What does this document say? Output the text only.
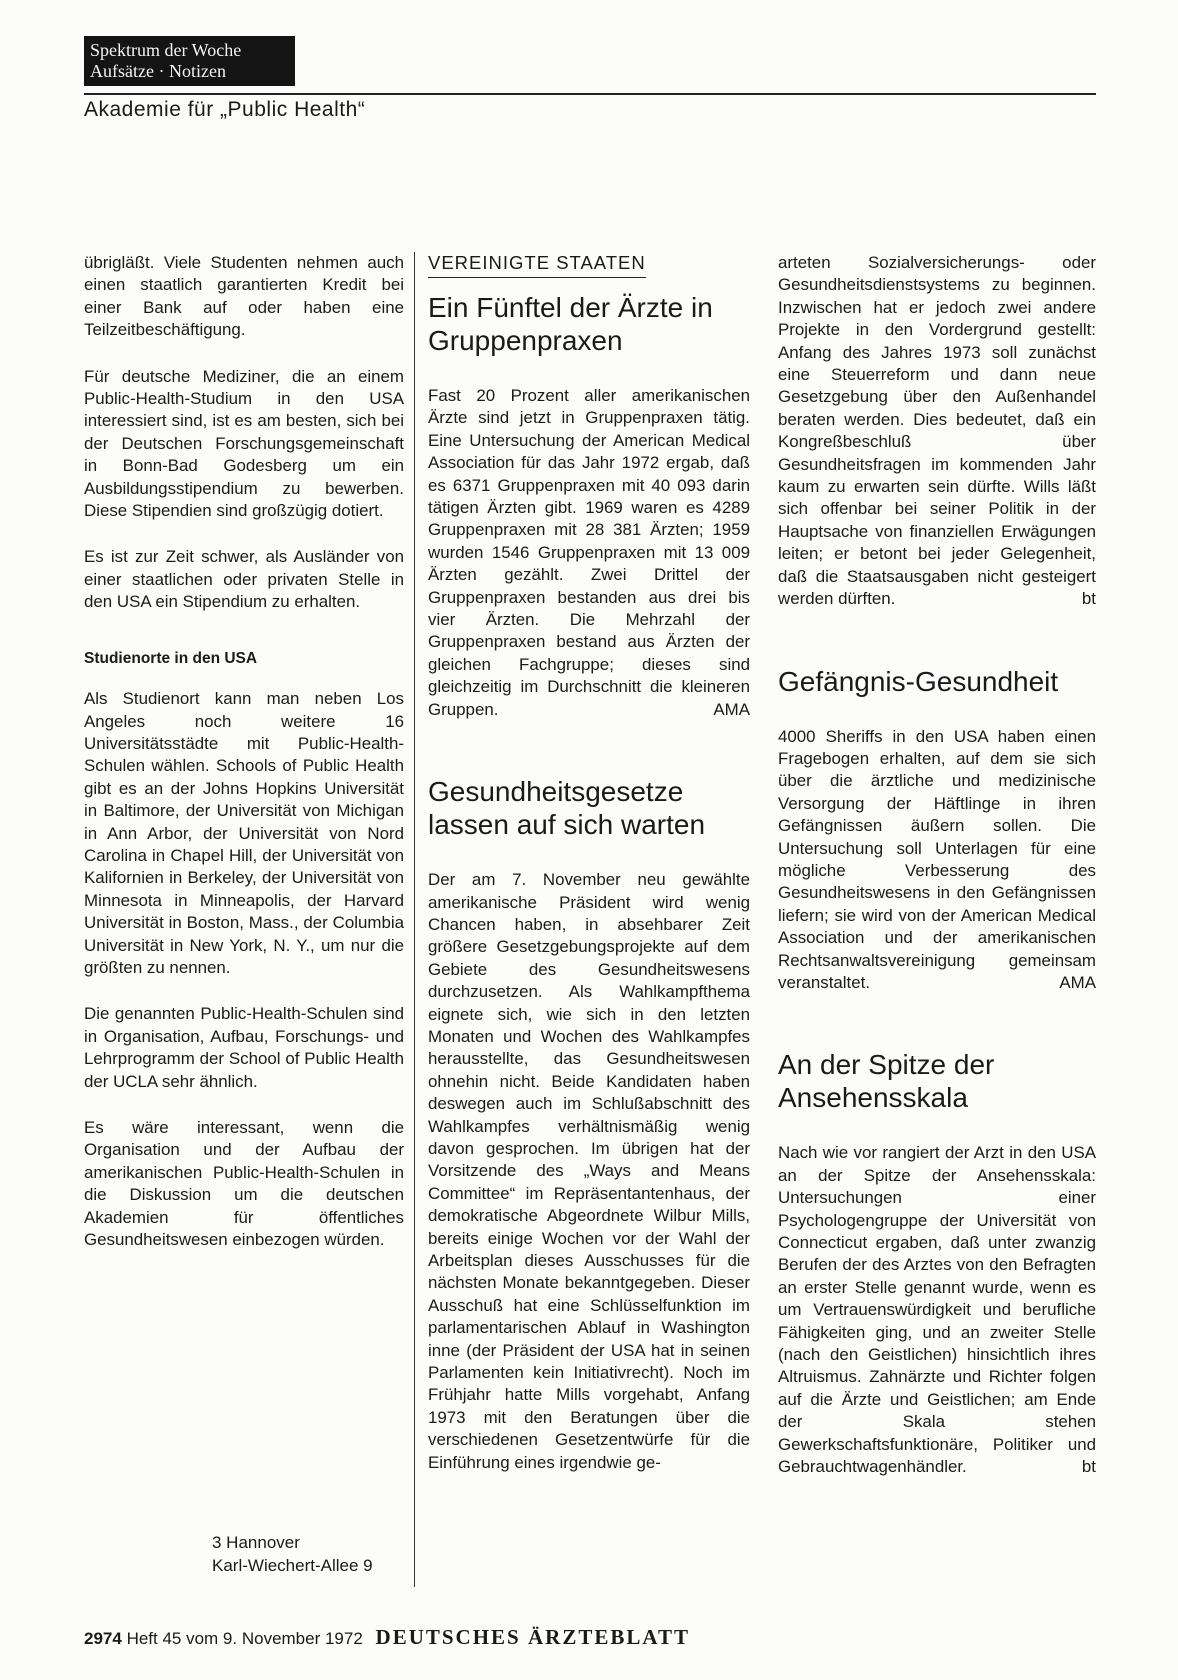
Spektrum der Woche
Aufsätze · Notizen
Akademie für „Public Health“

übrigläßt. Viele Studenten nehmen auch einen staatlich garantierten Kredit bei einer Bank auf oder haben eine Teilzeitbeschäftigung.

Für deutsche Mediziner, die an einem Public-Health-Studium in den USA interessiert sind, ist es am besten, sich bei der Deutschen Forschungsgemeinschaft in Bonn-Bad Godesberg um ein Ausbildungsstipendium zu bewerben. Diese Stipendien sind großzügig dotiert.

Es ist zur Zeit schwer, als Ausländer von einer staatlichen oder privaten Stelle in den USA ein Stipendium zu erhalten.

Studienorte in den USA

Als Studienort kann man neben Los Angeles noch weitere 16 Universitätsstädte mit Public-Health-Schulen wählen. Schools of Public Health gibt es an der Johns Hopkins Universität in Baltimore, der Universität von Michigan in Ann Arbor, der Universität von Nord Carolina in Chapel Hill, der Universität von Kalifornien in Berkeley, der Universität von Minnesota in Minneapolis, der Harvard Universität in Boston, Mass., der Columbia Universität in New York, N. Y., um nur die größten zu nennen.

Die genannten Public-Health-Schulen sind in Organisation, Aufbau, Forschungs- und Lehrprogramm der School of Public Health der UCLA sehr ähnlich.

Es wäre interessant, wenn die Organisation und der Aufbau der amerikanischen Public-Health-Schulen in die Diskussion um die deutschen Akademien für öffentliches Gesundheitswesen einbezogen würden.

3 Hannover
Karl-Wiechert-Allee 9
VEREINIGTE STAATEN
Ein Fünftel der Ärzte in Gruppenpraxen

Fast 20 Prozent aller amerikanischen Ärzte sind jetzt in Gruppenpraxen tätig. Eine Untersuchung der American Medical Association für das Jahr 1972 ergab, daß es 6371 Gruppenpraxen mit 40 093 darin tätigen Ärzten gibt. 1969 waren es 4289 Gruppenpraxen mit 28 381 Ärzten; 1959 wurden 1546 Gruppenpraxen mit 13 009 Ärzten gezählt. Zwei Drittel der Gruppenpraxen bestanden aus drei bis vier Ärzten. Die Mehrzahl der Gruppenpraxen bestand aus Ärzten der gleichen Fachgruppe; dieses sind gleichzeitig im Durchschnitt die kleineren Gruppen.	AMA

Gesundheitsgesetze lassen auf sich warten

Der am 7. November neu gewählte amerikanische Präsident wird wenig Chancen haben, in absehbarer Zeit größere Gesetzgebungsprojekte auf dem Gebiete des Gesundheitswesens durchzusetzen. Als Wahlkampfthema eignete sich, wie sich in den letzten Monaten und Wochen des Wahlkampfes herausstellte, das Gesundheitswesen ohnehin nicht. Beide Kandidaten haben deswegen auch im Schlußabschnitt des Wahlkampfes verhältnismäßig wenig davon gesprochen. Im übrigen hat der Vorsitzende des „Ways and Means Committee“ im Repräsentantenhaus, der demokratische Abgeordnete Wilbur Mills, bereits einige Wochen vor der Wahl der Arbeitsplan dieses Ausschusses für die nächsten Monate bekanntgegeben. Dieser Ausschuß hat eine Schlüsselfunktion im parlamentarischen Ablauf in Washington inne (der Präsident der USA hat in seinen Parlamenten kein Initiativrecht). Noch im Frühjahr hatte Mills vorgehabt, Anfang 1973 mit den Beratungen über die verschiedenen Gesetzentwürfe für die Einführung eines irgendwie ge-

arteten Sozialversicherungs- oder Gesundheitsdienstsystems zu beginnen. Inzwischen hat er jedoch zwei andere Projekte in den Vordergrund gestellt: Anfang des Jahres 1973 soll zunächst eine Steuerreform und dann neue Gesetzgebung über den Außenhandel beraten werden. Dies bedeutet, daß ein Kongreßbeschluß über Gesundheitsfragen im kommenden Jahr kaum zu erwarten sein dürfte. Wills läßt sich offenbar bei seiner Politik in der Hauptsache von finanziellen Erwägungen leiten; er betont bei jeder Gelegenheit, daß die Staatsausgaben nicht gesteigert werden dürften.	bt

Gefängnis-Gesundheit

4000 Sheriffs in den USA haben einen Fragebogen erhalten, auf dem sie sich über die ärztliche und medizinische Versorgung der Häftlinge in ihren Gefängnissen äußern sollen. Die Untersuchung soll Unterlagen für eine mögliche Verbesserung des Gesundheitswesens in den Gefängnissen liefern; sie wird von der American Medical Association und der amerikanischen Rechtsanwaltsvereinigung gemeinsam veranstaltet.	AMA

An der Spitze der Ansehensskala

Nach wie vor rangiert der Arzt in den USA an der Spitze der Ansehensskala: Untersuchungen einer Psychologengruppe der Universität von Connecticut ergaben, daß unter zwanzig Berufen der des Arztes von den Befragten an erster Stelle genannt wurde, wenn es um Vertrauenswürdigkeit und berufliche Fähigkeiten ging, und an zweiter Stelle (nach den Geistlichen) hinsichtlich ihres Altruismus. Zahnärzte und Richter folgen auf die Ärzte und Geistlichen; am Ende der Skala stehen Gewerkschaftsfunktionäre, Politiker und Gebrauchtwagenhändler.	bt

2974 Heft 45 vom 9. November 1972 DEUTSCHES ÄRZTEBLATT
